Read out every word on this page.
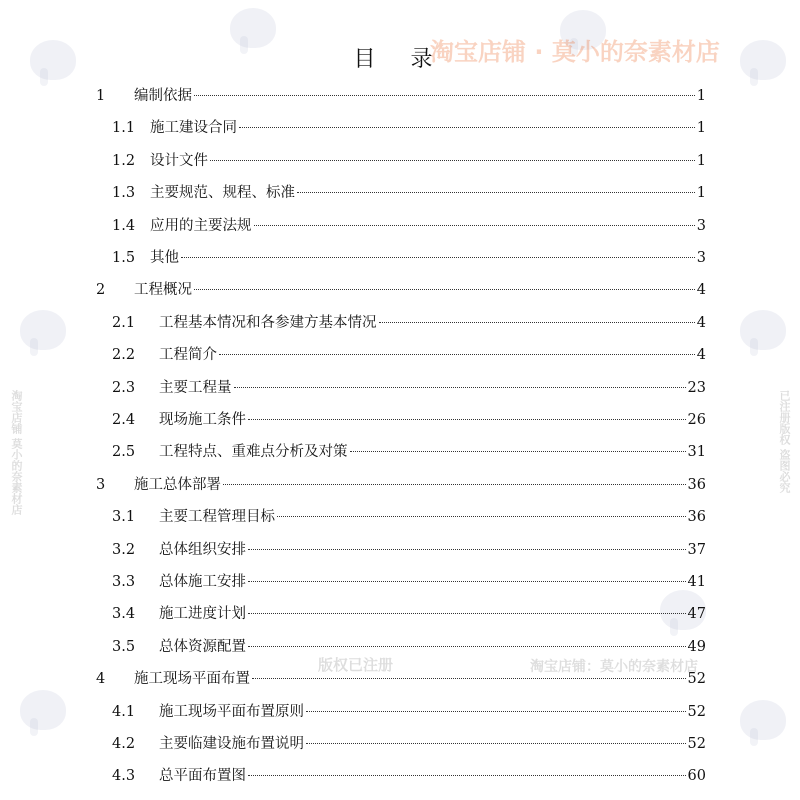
淘宝店铺 · 莫小的奈素材店
版权已注册	淘宝店铺：莫小的奈素材店
淘宝店铺 莫小的奈素材店	已注册版权 盗图必究
目 录
1	编制依据	1
1.1	施工建设合同	1
1.2	设计文件	1
1.3	主要规范、规程、标准	1
1.4	应用的主要法规	3
1.5	其他	3
2	工程概况	4
2.1	工程基本情况和各参建方基本情况	4
2.2	工程简介	4
2.3	主要工程量	23
2.4	现场施工条件	26
2.5	工程特点、重难点分析及对策	31
3	施工总体部署	36
3.1	主要工程管理目标	36
3.2	总体组织安排	37
3.3	总体施工安排	41
3.4	施工进度计划	47
3.5	总体资源配置	49
4	施工现场平面布置	52
4.1	施工现场平面布置原则	52
4.2	主要临建设施布置说明	52
4.3	总平面布置图	60
